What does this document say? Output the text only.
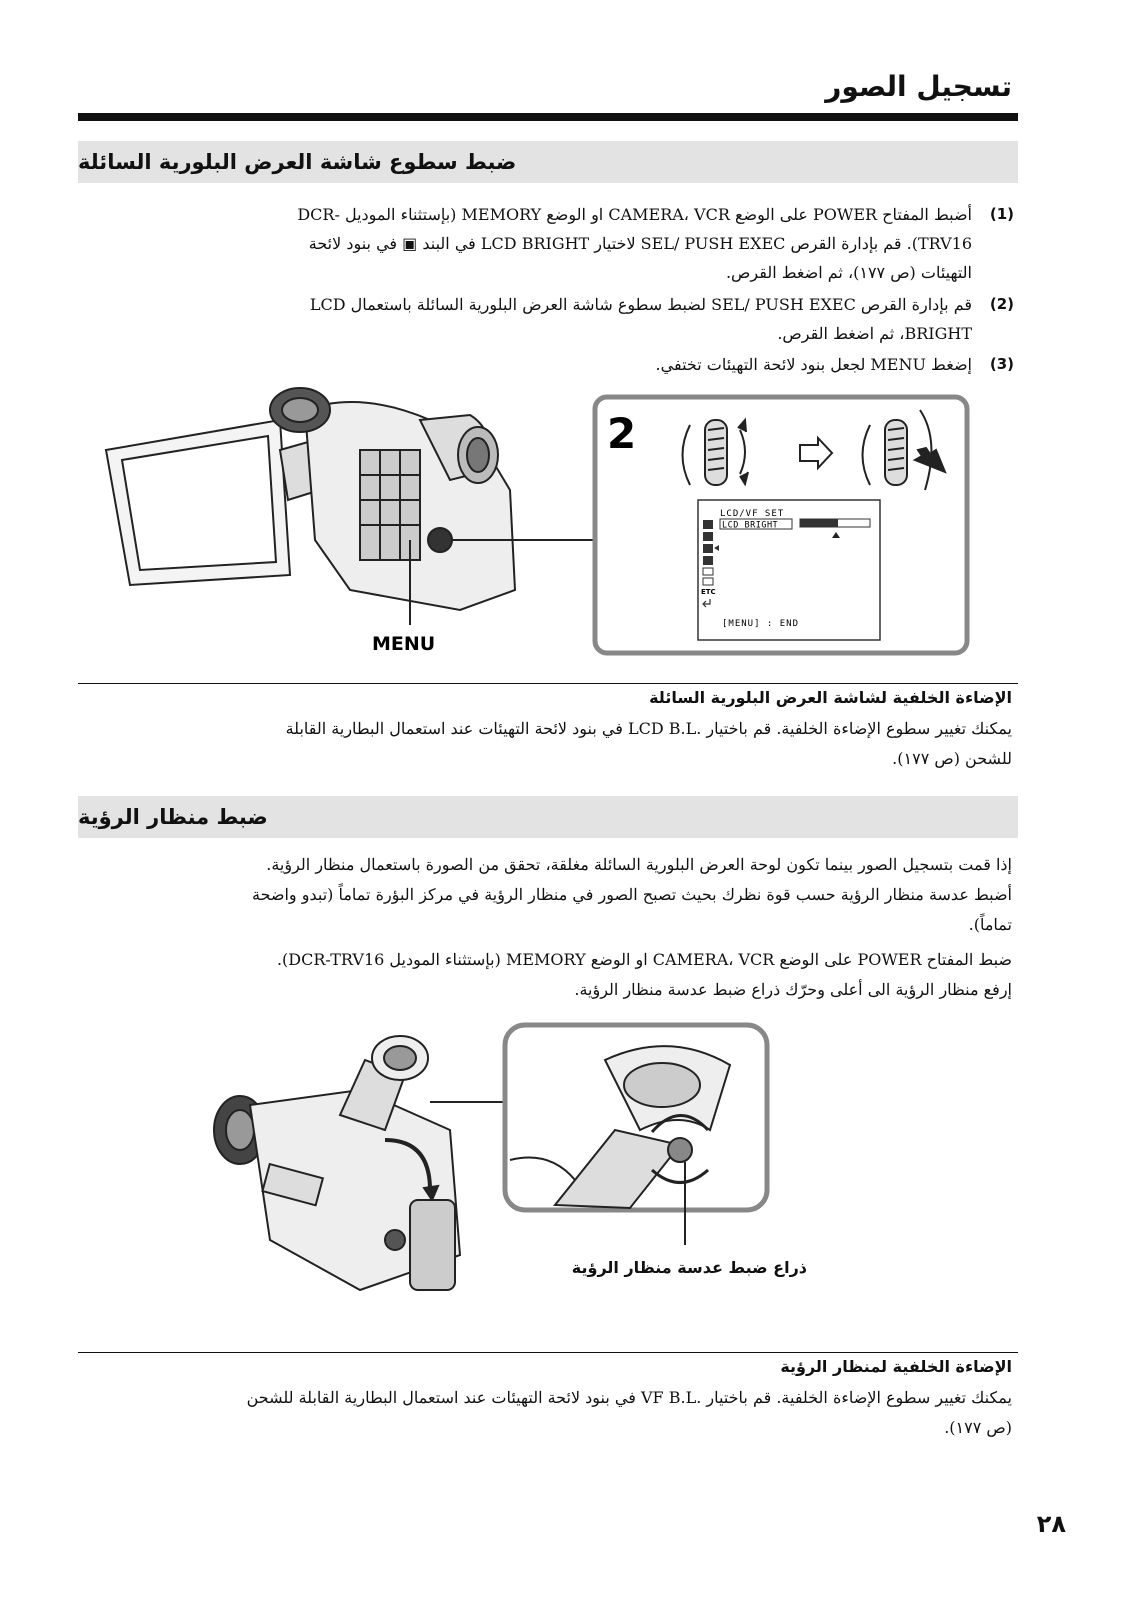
تسجيل الصور
ضبط سطوع شاشة العرض البلورية السائلة
(1)
أضبط المفتاح POWER على الوضع CAMERA، VCR او الوضع MEMORY (بإستثناء الموديل -DCR
TRV16). قم بإدارة القرص SEL/ PUSH EXEC لاختيار LCD BRIGHT في البند ▣ في بنود لائحة
التهيئات (ص ١٧٧)، ثم اضغط القرص.
(2)
قم بإدارة القرص SEL/ PUSH EXEC لضبط سطوع شاشة العرض البلورية السائلة باستعمال LCD
BRIGHT، ثم اضغط القرص.
(3)
إضغط MENU لجعل بنود لائحة التهيئات تختفي.
MENU
2
LCD/VF SET
LCD BRIGHT
ETC
[MENU] : END
الإضاءة الخلفية لشاشة العرض البلورية السائلة
يمكنك تغيير سطوع الإضاءة الخلفية. قم باختيار .LCD B.L في بنود لائحة التهيئات عند استعمال البطارية القابلة
للشحن (ص ١٧٧).
ضبط منظار الرؤية
إذا قمت بتسجيل الصور بينما تكون لوحة العرض البلورية السائلة مغلقة، تحقق من الصورة باستعمال منظار الرؤية.
أضبط عدسة منظار الرؤية حسب قوة نظرك بحيث تصبح الصور في منظار الرؤية في مركز البؤرة تماماً (تبدو واضحة
تماماً).
ضبط المفتاح POWER على الوضع CAMERA، VCR او الوضع MEMORY (بإستثناء الموديل DCR-TRV16).
إرفع منظار الرؤية الى أعلى وحرّك ذراع ضبط عدسة منظار الرؤية.
ذراع ضبط عدسة منظار الرؤية
الإضاءة الخلفية لمنظار الرؤية
يمكنك تغيير سطوع الإضاءة الخلفية. قم باختيار .VF B.L في بنود لائحة التهيئات عند استعمال البطارية القابلة للشحن
(ص ١٧٧).
٢٨
